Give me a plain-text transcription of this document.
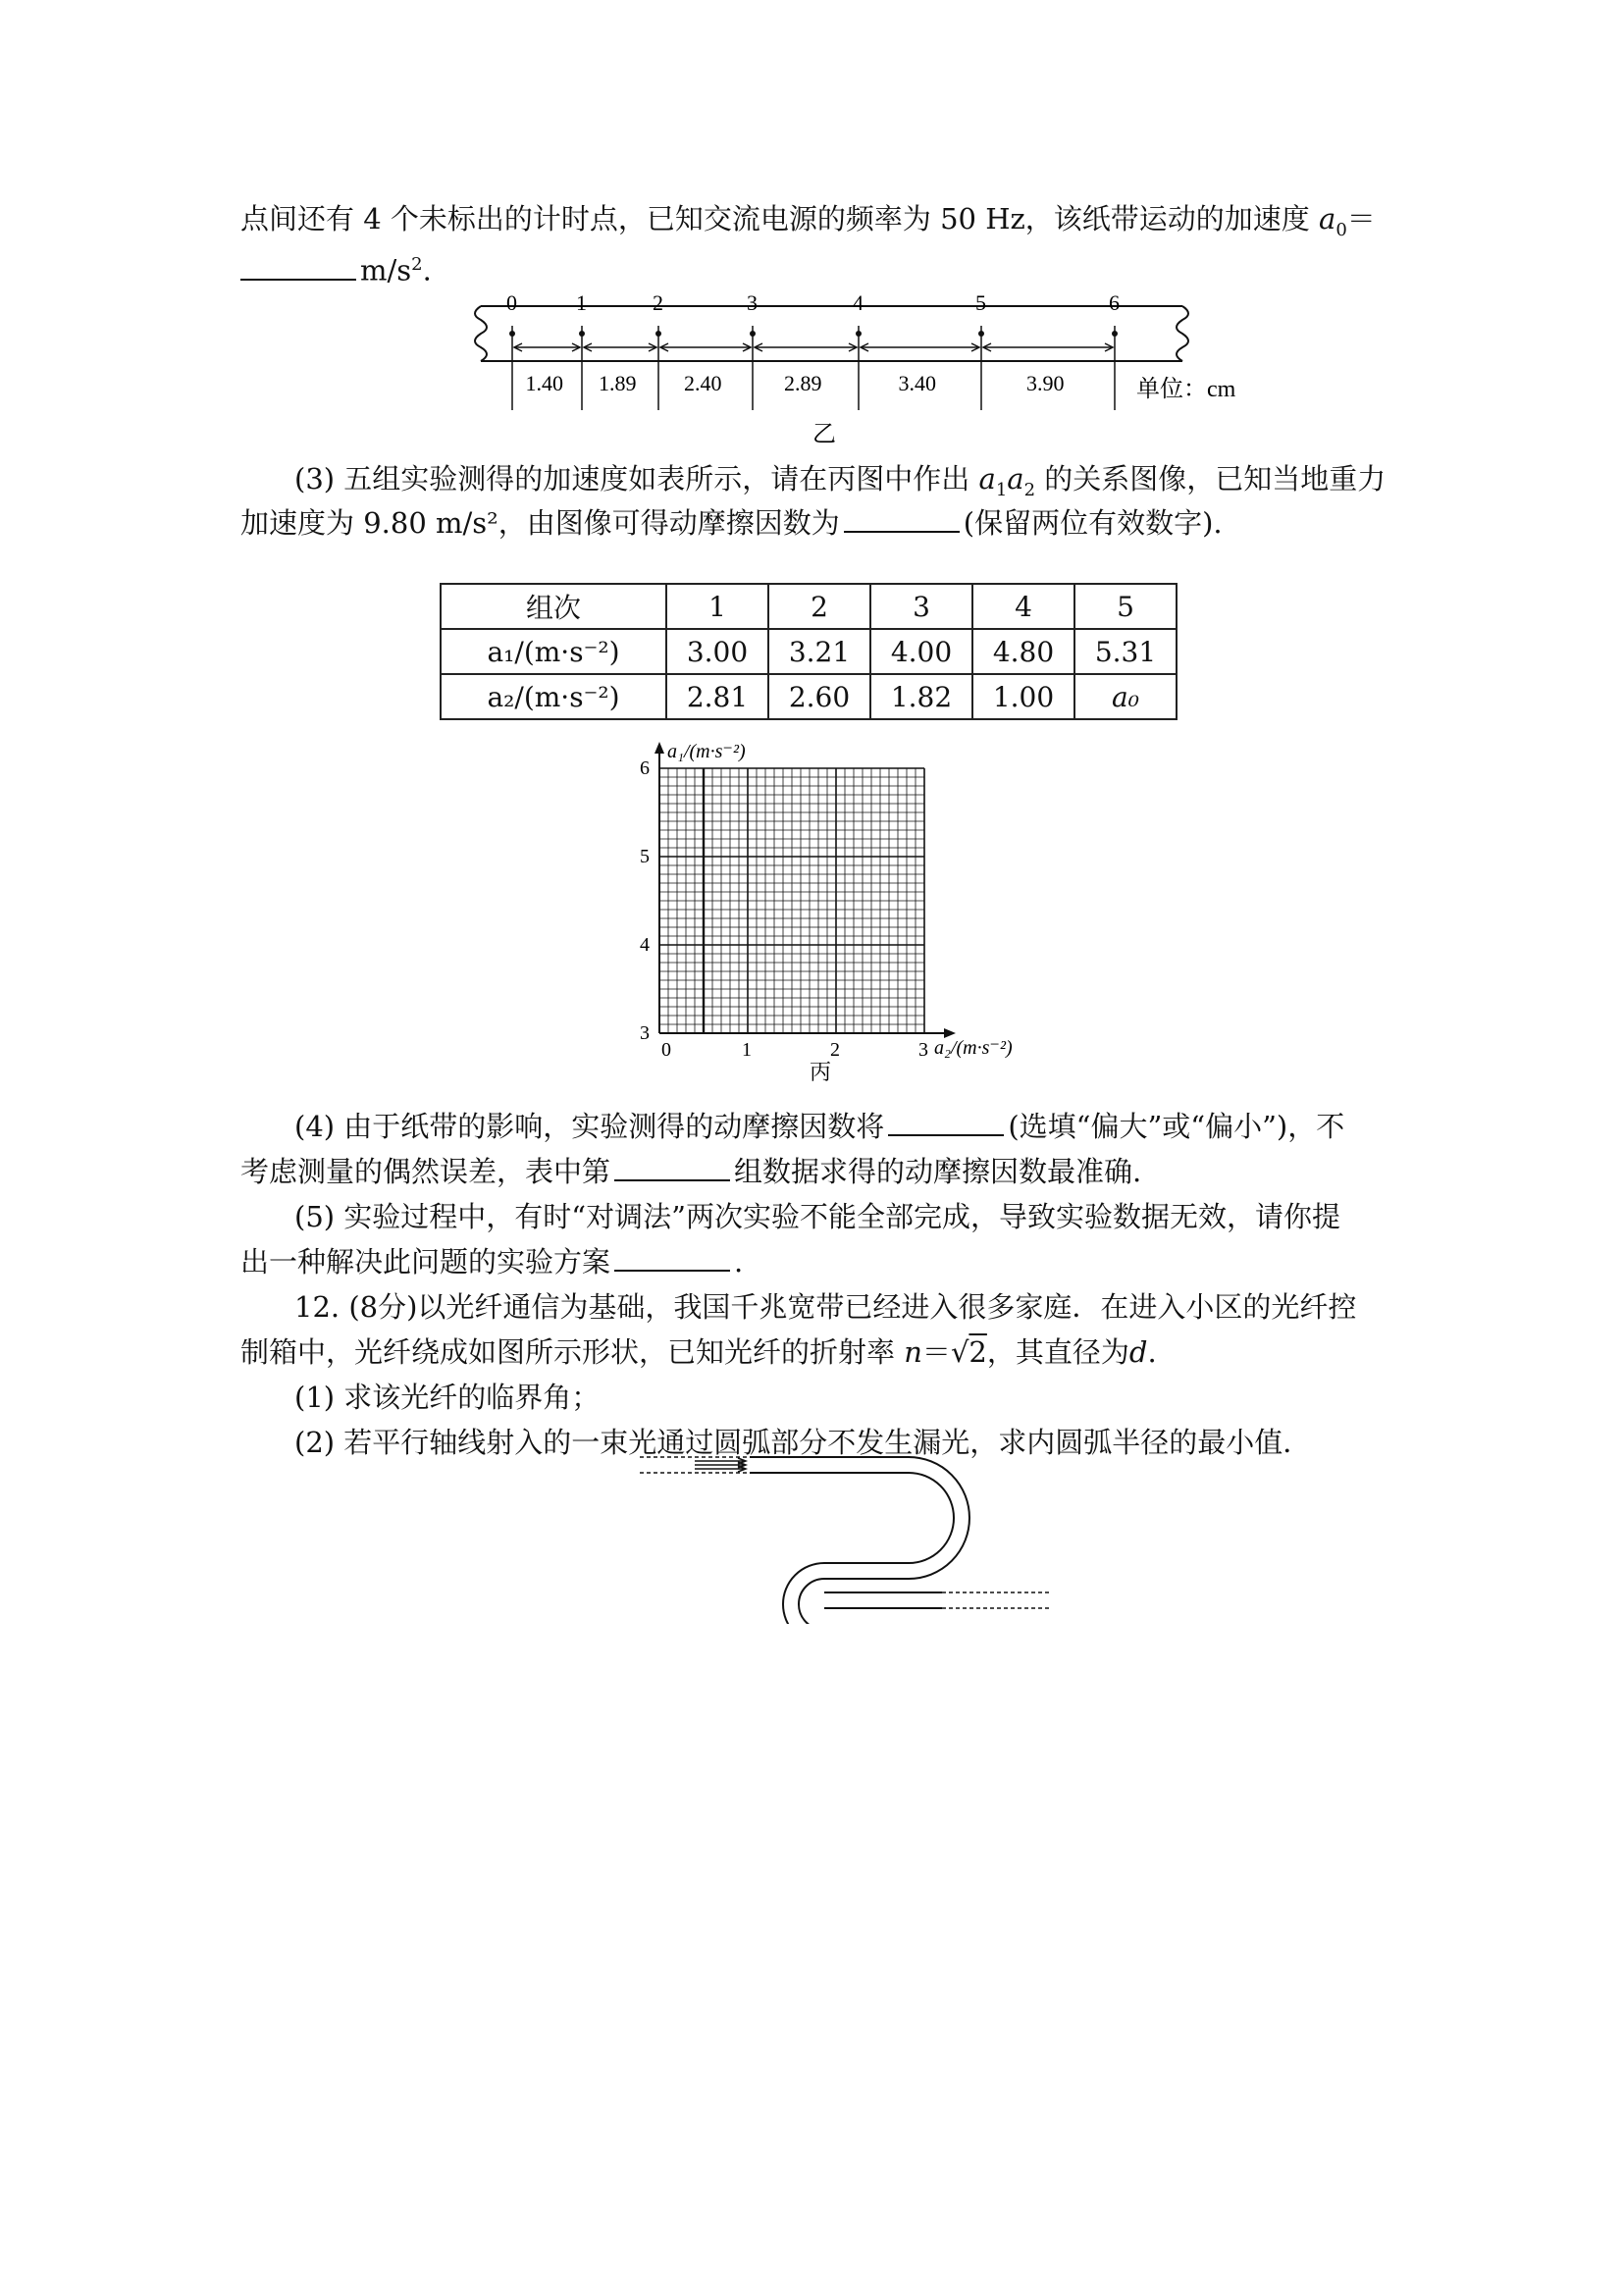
点间还有 4 个未标出的计时点，已知交流电源的频率为 50 Hz，该纸带运动的加速度 $a_0=$
$m/s^2$.
0	1	2	3	4	5	6
1.40 1.89 2.40	2.89	3.40	3.90	单位：cm
乙
(3) 五组实验测得的加速度如表所示，请在丙图中作出 $a_1a_2$ 的关系图像，已知当地重力
加速度为 9.80 m/s²，由图像可得动摩擦因数为	(保留两位有效数字).
组次	1	2	3	4	5
a₁/(m·s⁻²)	3.00	3.21	4.00	4.80	5.31
a₂/(m·s⁻²)	2.81	2.60	1.82	1.00	a₀
a₁/(m·s⁻²)
a₂/(m·s⁻²)
3
4
5
6
0	1	2	3
丙
(4) 由于纸带的影响，实验测得的动摩擦因数将	(选填“偏大”或“偏小”)，不
考虑测量的偶然误差，表中第	组数据求得的动摩擦因数最准确.
(5) 实验过程中，有时“对调法”两次实验不能全部完成，导致实验数据无效，请你提
出一种解决此问题的实验方案	.
12. (8分)以光纤通信为基础，我国千兆宽带已经进入很多家庭．在进入小区的光纤控
制箱中，光纤绕成如图所示形状，已知光纤的折射率 n＝√2，其直径为d.
(1) 求该光纤的临界角；
(2) 若平行轴线射入的一束光通过圆弧部分不发生漏光，求内圆弧半径的最小值．
